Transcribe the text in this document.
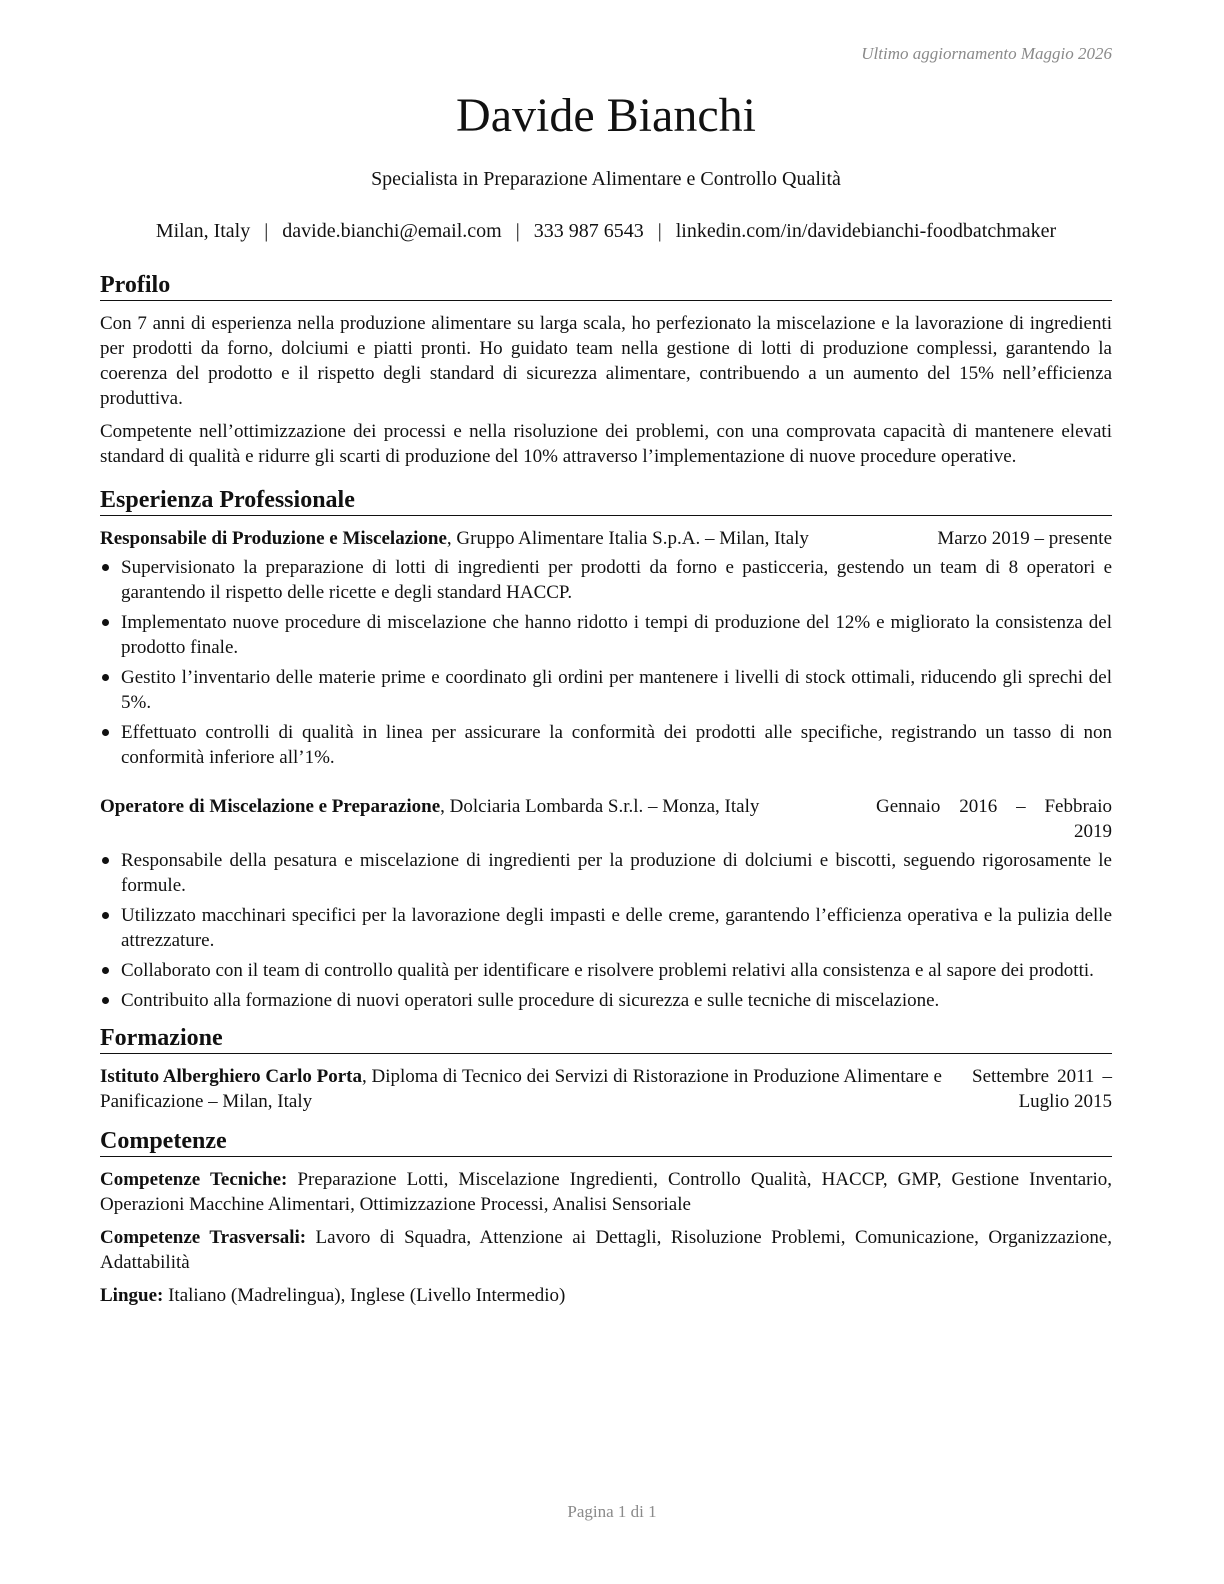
Ultimo aggiornamento Maggio 2026
Davide Bianchi
Specialista in Preparazione Alimentare e Controllo Qualità
Milan, Italy | davide.bianchi@email.com | 333 987 6543 | linkedin.com/in/davidebianchi-foodbatchmaker
Profilo

Con 7 anni di esperienza nella produzione alimentare su larga scala, ho perfezionato la miscelazione e la lavorazione di ingredienti per prodotti da forno, dolciumi e piatti pronti. Ho guidato team nella gestione di lotti di produzione complessi, garantendo la coerenza del prodotto e il rispetto degli standard di sicurezza alimentare, contribuendo a un aumento del 15% nell’efficienza produttiva.

Competente nell’ottimizzazione dei processi e nella risoluzione dei problemi, con una comprovata capacità di mantenere elevati standard di qualità e ridurre gli scarti di produzione del 10% attraverso l’implementazione di nuove procedure operative.

Esperienza Professionale
Responsabile di Produzione e Miscelazione, Gruppo Alimentare Italia S.p.A. – Milan, Italy	Marzo 2019 – presente
Supervisionato la preparazione di lotti di ingredienti per prodotti da forno e pasticceria, gestendo un team di 8 operatori e garantendo il rispetto delle ricette e degli standard HACCP.
Implementato nuove procedure di miscelazione che hanno ridotto i tempi di produzione del 12% e migliorato la consistenza del prodotto finale.
Gestito l’inventario delle materie prime e coordinato gli ordini per mantenere i livelli di stock ottimali, riducendo gli sprechi del 5%.
Effettuato controlli di qualità in linea per assicurare la conformità dei prodotti alle specifiche, registrando un tasso di non conformità inferiore all’1%.
Operatore di Miscelazione e Preparazione, Dolciaria Lombarda S.r.l. – Monza, Italy	Gennaio 2016 – Febbraio 2019
Responsabile della pesatura e miscelazione di ingredienti per la produzione di dolciumi e biscotti, seguendo rigorosamente le formule.
Utilizzato macchinari specifici per la lavorazione degli impasti e delle creme, garantendo l’efficienza operativa e la pulizia delle attrezzature.
Collaborato con il team di controllo qualità per identificare e risolvere problemi relativi alla consistenza e al sapore dei prodotti.
Contribuito alla formazione di nuovi operatori sulle procedure di sicurezza e sulle tecniche di miscelazione.
Formazione
Istituto Alberghiero Carlo Porta, Diploma di Tecnico dei Servizi di Ristorazione in Produzione Alimentare e Panificazione – Milan, Italy
Settembre 2011 – Luglio 2015
Competenze

Competenze Tecniche: Preparazione Lotti, Miscelazione Ingredienti, Controllo Qualità, HACCP, GMP, Gestione Inventario, Operazioni Macchine Alimentari, Ottimizzazione Processi, Analisi Sensoriale

Competenze Trasversali: Lavoro di Squadra, Attenzione ai Dettagli, Risoluzione Problemi, Comunicazione, Organizzazione, Adattabilità

Lingue: Italiano (Madrelingua), Inglese (Livello Intermedio)

Pagina 1 di 1
